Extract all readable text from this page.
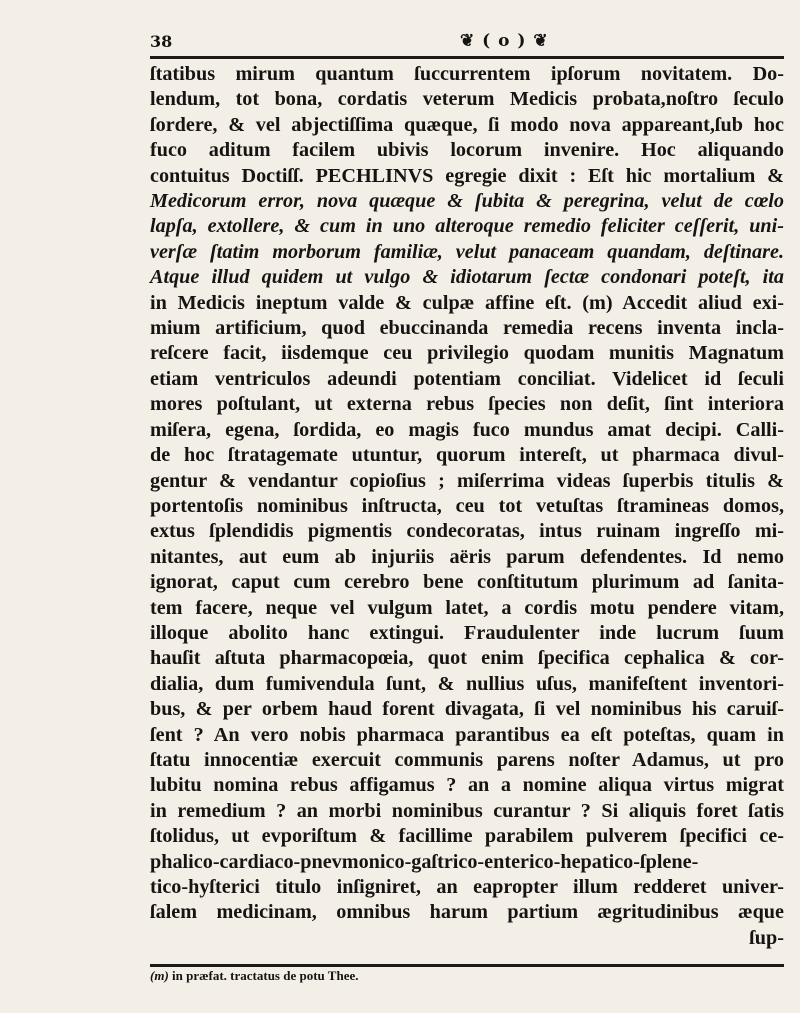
38	❦ ( o ) ❦
ſtatibus mirum quantum ſuccurrentem ipſorum novitatem. Do-
lendum, tot bona, cordatis veterum Medicis probata,noſtro ſeculo
ſordere, & vel abjectiſſima quæque, ſi modo nova appareant,ſub hoc
fuco aditum facilem ubivis locorum invenire. Hoc aliquando
contuitus Doctiſſ. PECHLINVS egregie dixit : Eſt hic mortalium &
Medicorum error, nova quæque & ſubita & peregrina, velut de cœlo
lapſa, extollere, & cum in uno alteroque remedio feliciter ceſſerit, uni-
verſæ ſtatim morborum familiæ, velut panaceam quandam, deſtinare.
Atque illud quidem ut vulgo & idiotarum ſectæ condonari poteſt, ita
in Medicis ineptum valde & culpæ affine eſt. (m) Accedit aliud exi-
mium artificium, quod ebuccinanda remedia recens inventa incla-
reſcere facit, iisdemque ceu privilegio quodam munitis Magnatum
etiam ventriculos adeundi potentiam conciliat. Videlicet id ſeculi
mores poſtulant, ut externa rebus ſpecies non deſit, ſint interiora
miſera, egena, ſordida, eo magis fuco mundus amat decipi. Calli-
de hoc ſtratagemate utuntur, quorum intereſt, ut pharmaca divul-
gentur & vendantur copioſius ; miſerrima videas ſuperbis titulis &
portentoſis nominibus inſtructa, ceu tot vetuſtas ſtramineas domos,
extus ſplendidis pigmentis condecoratas, intus ruinam ingreſſo mi-
nitantes, aut eum ab injuriis aëris parum defendentes. Id nemo
ignorat, caput cum cerebro bene conſtitutum plurimum ad ſanita-
tem facere, neque vel vulgum latet, a cordis motu pendere vitam,
illoque abolito hanc extingui. Fraudulenter inde lucrum ſuum
hauſit aſtuta pharmacopœia, quot enim ſpecifica cephalica & cor-
dialia, dum fumivendula ſunt, & nullius uſus, manifeſtent inventori-
bus, & per orbem haud forent divagata, ſi vel nominibus his caruiſ-
ſent ? An vero nobis pharmaca parantibus ea eſt poteſtas, quam in
ſtatu innocentiæ exercuit communis parens noſter Adamus, ut pro
lubitu nomina rebus affigamus ? an a nomine aliqua virtus migrat
in remedium ? an morbi nominibus curantur ? Si aliquis foret ſatis
ſtolidus, ut evporiſtum & facillime parabilem pulverem ſpecifici ce-
phalico-cardiaco-pnevmonico-gaſtrico-enterico-hepatico-ſplene-
tico-hyſterici titulo inſigniret, an eapropter illum redderet univer-
ſalem medicinam, omnibus harum partium ægritudinibus æque
ſup-
(m) in præfat. tractatus de potu Thee.
